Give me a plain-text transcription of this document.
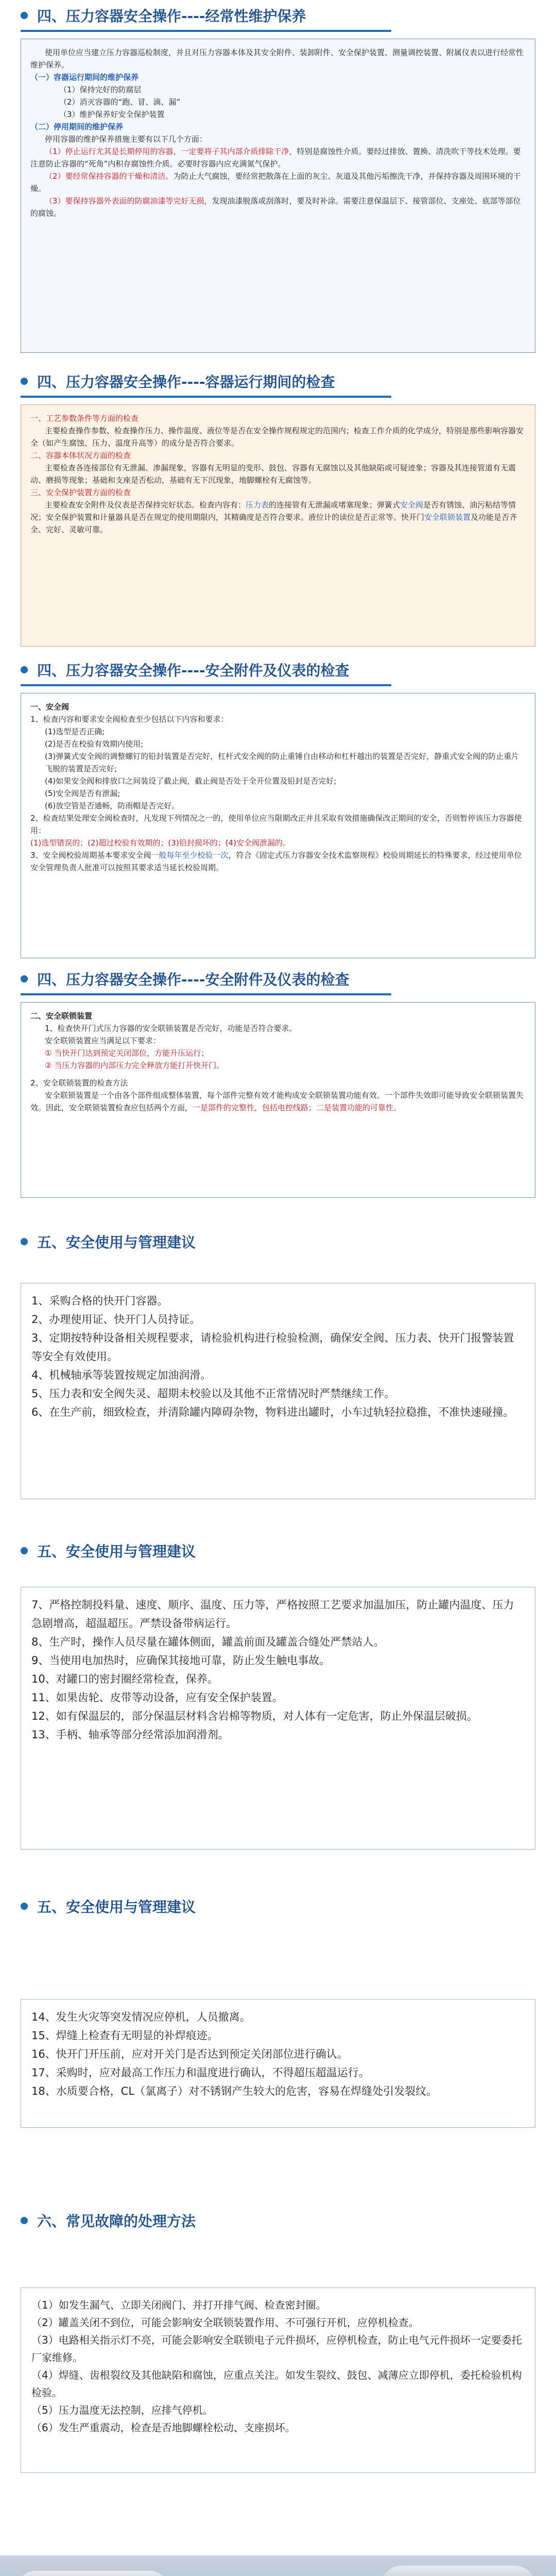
四、压力容器安全操作----经常性维护保养

使用单位应当建立压力容器巡检制度，并且对压力容器本体及其安全附件、装卸附件、安全保护装置、测量调控装置、附属仪表以进行经常性维护保养。

（一）容器运行期间的维护保养

（1）保持完好的防腐层

（2）消灭容器的“跑、冒、滴、漏”

（3）维护保养好安全保护装置

（二）停用期间的维护保养

停用容器的维护保养措施主要有以下几个方面：

（1）停止运行尤其是长期停用的容器，一定要将子其内部介质排除干净，特别是腐蚀性介质。要经过排放、置换、清洗吹干等技术处理。要注意防止容器的“死角”内积存腐蚀性介质。必要时容器内应充满氮气保护。

（2）要经常保持容器的干燥和清洁。为防止大气腐蚀，要经常把散落在上面的灰尘、灰道及其他污垢擦洗干净，并保持容器及周围环境的干燥。

（3）要保持容器外表面的防腐油漆等完好无损，发现油漆脱落或刮落时，要及时补涂。需要注意保温层下、接管部位、支座处、底部等部位的腐蚀。

四、压力容器安全操作----容器运行期间的检查

一、工艺参数条件等方面的检查

主要检查操作参数、检查操作压力、操作温度、液位等是否在安全操作规程规定的范围内；检查工作介质的化学成分，特别是那些影响容器安全（如产生腐蚀、压力、温度升高等）的成分是否符合要求。

二、容器本体状况方面的检查

主要检查各连接部位有无泄漏、渗漏现象，容器有无明显的变形、鼓包、容器有无腐蚀以及其他缺陷或可疑迹象；容器及其连接管道有无震动、磨损等现象；基础和支座是否松动，基础有无下沉现象，地脚螺栓有无腐蚀等。

三、安全保护装置方面的检查

主要检查安全附件及仪表是否保持完好状态。检查内容有：压力表的连接管有无泄漏或堵塞现象；弹簧式安全阀是否有锈蚀、油污粘结等情况；安全保护装置和计量器具是否在规定的使用期限内，其精确度是否符合要求。液位计的读位是否正常等。快开门安全联锁装置及功能是否齐全、完好、灵敏可靠。

四、压力容器安全操作----安全附件及仪表的检查

一、安全阀

1、检查内容和要求安全阀检查至少包括以下内容和要求：

(1)选型是否正确;

(2)是否在校验有效期内使用;

(3)弹簧式安全阀的调整螺钉的铅封装置是否完好，杠杆式安全阀的防止重锤自由移动和杠杆越出的装置是否完好，静重式安全阀的防止重片飞脱的装置是否完好;

(4)如果安全阀和排放口之间装设了截止阀，截止阀是否处于全开位置及铅封是否完好;

(5)安全阀是否有泄漏;

(6)放空管是否通畅，防雨帽是否完好。

2、检查结果处理安全阀检查时，凡发现下列情况之一的，使用单位应当限期改正并且采取有效措施确保改正期间的安全，否则暂停该压力容器使用：

(1)选型错误的；(2)超过校验有效期的；(3)铅封损坏的；(4)安全阀泄漏的。

3、安全阀校验周期基本要求安全阀一般每年至少校验一次，符合《固定式压力容器安全技术监察规程》校验周期延长的特殊要求，经过使用单位安全管理负责人批准可以按照其要求适当延长校验周期。

四、压力容器安全操作----安全附件及仪表的检查

二、安全联锁装置

1、检查快开门式压力容器的安全联锁装置是否完好，功能是否符合要求。

安全联锁装置应当满足以下要求：

① 当快开门达到预定关闭部位，方能升压运行；

② 当压力容器的内部压力完全释放方能打开快开门。

2、安全联锁装置的检查方法

安全联锁装置是一个由各个部件组成整体装置，每个部件完整有效才能构成安全联锁装置功能有效。一个部件失效即可能导致安全联锁装置失效。因此，安全联锁装置检查应包括两个方面，一是部件的完整性，包括电控线路；二是装置功能的可靠性。

五、安全使用与管理建议

1、采购合格的快开门容器。

2、办理使用证、快开门人员持证。

3、定期按特种设备相关规程要求，请检验机构进行检验检测，确保安全阀、压力表、快开门报警装置等安全有效使用。

4、机械轴承等装置按规定加油润滑。

5、压力表和安全阀失灵、超期未校验以及其他不正常情况时严禁继续工作。

6、在生产前，细致检查，并清除罐内障碍杂物，物料进出罐时，小车过轨轻拉稳推，不准快速碰撞。

五、安全使用与管理建议

7、严格控制投料量、速度、顺序、温度、压力等，严格按照工艺要求加温加压，防止罐内温度、压力急剧增高，超温超压。严禁设备带病运行。

8、生产时，操作人员尽量在罐体侧面，罐盖前面及罐盖合缝处严禁站人。

9、当使用电加热时，应确保其接地可靠，防止发生触电事故。

10、对罐口的密封圈经常检查，保养。

11、如果齿轮、皮带等动设备，应有安全保护装置。

12、如有保温层的，部分保温层材料含岩棉等物质，对人体有一定危害，防止外保温层破损。

13、手柄、轴承等部分经常添加润滑剂。

五、安全使用与管理建议

14、发生火灾等突发情况应停机，人员撤离。

15、焊缝上检查有无明显的补焊痕迹。

16、快开门开压前，应对开关门是否达到预定关闭部位进行确认。

17、采购时，应对最高工作压力和温度进行确认，不得超压超温运行。

18、水质要合格，CL（氯离子）对不锈钢产生较大的危害，容易在焊缝处引发裂纹。

六、常见故障的处理方法

（1）如发生漏气、立即关闭阀门、并打开排气阀、检查密封圈。

（2）罐盖关闭不到位，可能会影响安全联锁装置作用、不可强行开机，应停机检查。

（3）电路相关指示灯不亮，可能会影响安全联锁电子元件损坏，应停机检查，防止电气元件损坏一定要委托厂家维修。

（4）焊缝、齿根裂纹及其他缺陷和腐蚀，应重点关注。如发生裂纹、鼓包、减薄应立即停机，委托检验机构检验。

（5）压力温度无法控制，应排气停机。

（6）发生严重震动，检查是否地脚螺栓松动、支座损坏。
